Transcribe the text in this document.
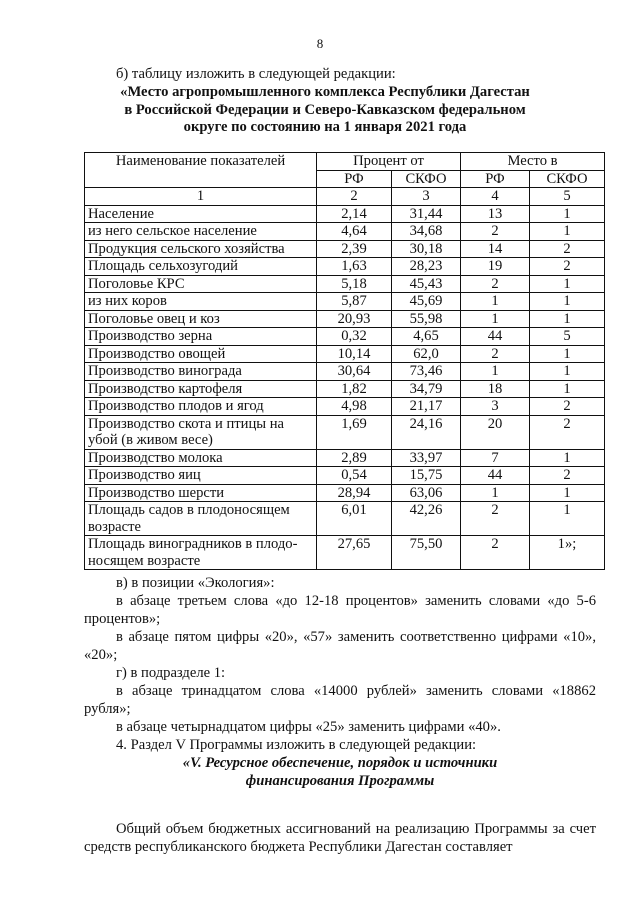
8
б) таблицу изложить в следующей редакции:
«Место агропромышленного комплекса Республики Дагестан
в Российской Федерации и Северо-Кавказском федеральном
округе по состоянию на 1 января 2021 года
Наименование показателей	Процент от		Место в	
	РФ	СКФО	РФ	СКФО
1	2	3	4	5
Население	2,14	31,44	13	1
из него сельское население	4,64	34,68	2	1
Продукция сельского хозяйства	2,39	30,18	14	2
Площадь сельхозугодий	1,63	28,23	19	2
Поголовье КРС	5,18	45,43	2	1
из них коров	5,87	45,69	1	1
Поголовье овец и коз	20,93	55,98	1	1
Производство зерна	0,32	4,65	44	5
Производство овощей	10,14	62,0	2	1
Производство винограда	30,64	73,46	1	1
Производство картофеля	1,82	34,79	18	1
Производство плодов и ягод	4,98	21,17	3	2
Производство скота и птицы на убой (в живом весе)	1,69	24,16	20	2
Производство молока	2,89	33,97	7	1
Производство яиц	0,54	15,75	44	2
Производство шерсти	28,94	63,06	1	1
Площадь садов в плодоносящем возрасте	6,01	42,26	2	1
Площадь виноградников в плодо-носящем возрасте	27,65	75,50	2	1»;

в) в позиции «Экология»:

в абзаце третьем слова «до 12-18 процентов» заменить словами «до 5-6 процентов»;

в абзаце пятом цифры «20», «57» заменить соответственно цифрами «10», «20»;

г) в подразделе 1:

в абзаце тринадцатом слова «14000 рублей» заменить словами «18862 рубля»;

в абзаце четырнадцатом цифры «25» заменить цифрами «40».

4. Раздел V Программы изложить в следующей редакции:

«V. Ресурсное обеспечение, порядок и источники финансирования Программы

Общий объем бюджетных ассигнований на реализацию Программы за счет средств республиканского бюджета Республики Дагестан составляет
